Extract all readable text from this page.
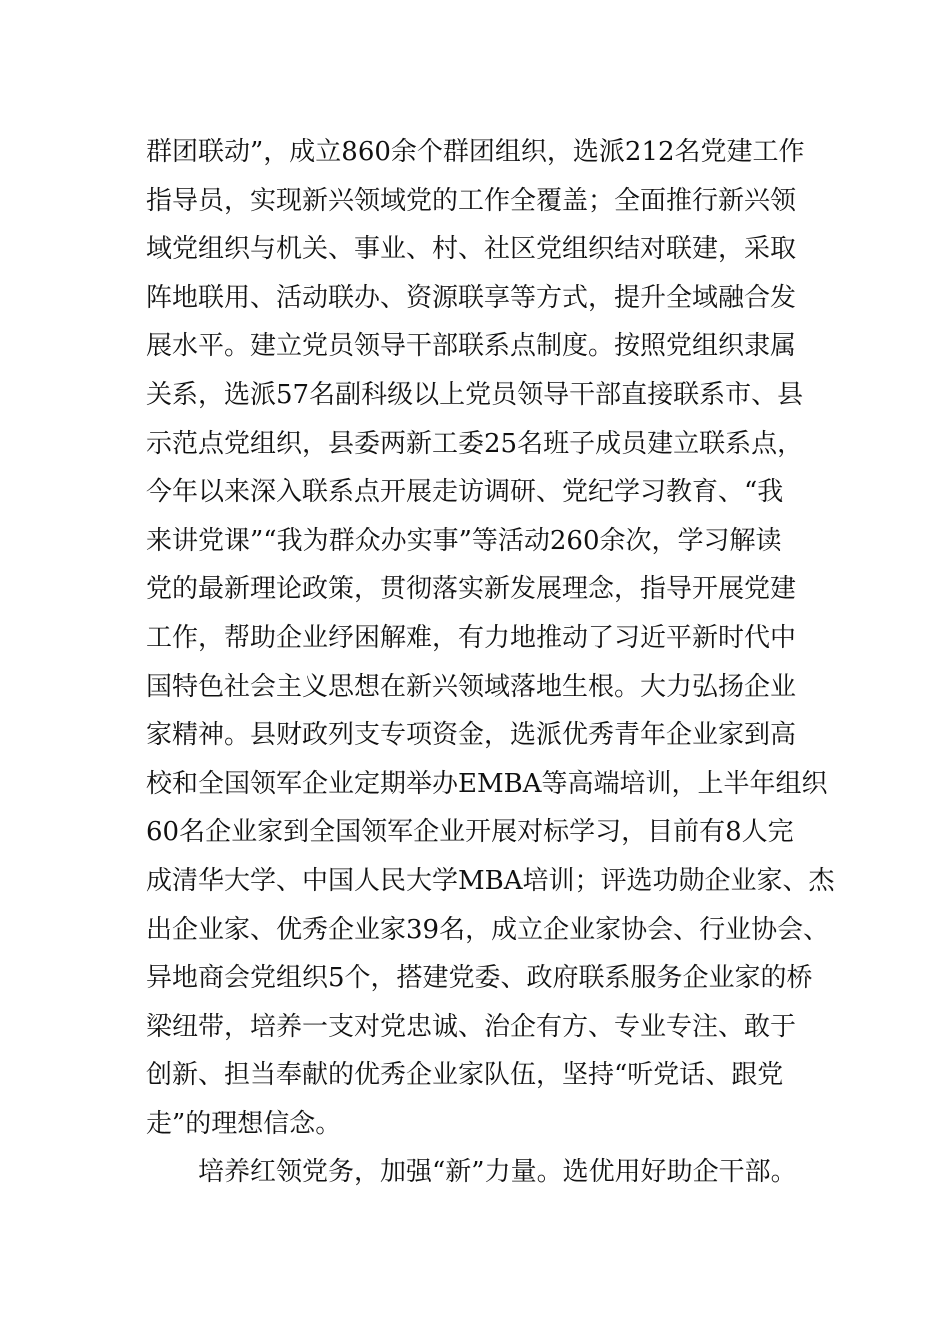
群团联动”，成立860余个群团组织，选派212名党建工作
指导员，实现新兴领域党的工作全覆盖；全面推行新兴领
域党组织与机关、事业、村、社区党组织结对联建，采取
阵地联用、活动联办、资源联享等方式，提升全域融合发
展水平。建立党员领导干部联系点制度。按照党组织隶属
关系，选派57名副科级以上党员领导干部直接联系市、县
示范点党组织，县委两新工委25名班子成员建立联系点，
今年以来深入联系点开展走访调研、党纪学习教育、“我
来讲党课”“我为群众办实事”等活动260余次，学习解读
党的最新理论政策，贯彻落实新发展理念，指导开展党建
工作，帮助企业纾困解难，有力地推动了习近平新时代中
国特色社会主义思想在新兴领域落地生根。大力弘扬企业
家精神。县财政列支专项资金，选派优秀青年企业家到高
校和全国领军企业定期举办EMBA等高端培训，上半年组织
60名企业家到全国领军企业开展对标学习，目前有8人完
成清华大学、中国人民大学MBA培训；评选功勋企业家、杰
出企业家、优秀企业家39名，成立企业家协会、行业协会、
异地商会党组织5个，搭建党委、政府联系服务企业家的桥
梁纽带，培养一支对党忠诚、治企有方、专业专注、敢于
创新、担当奉献的优秀企业家队伍，坚持“听党话、跟党
走”的理想信念。
培养红领党务，加强“新”力量。选优用好助企干部。
